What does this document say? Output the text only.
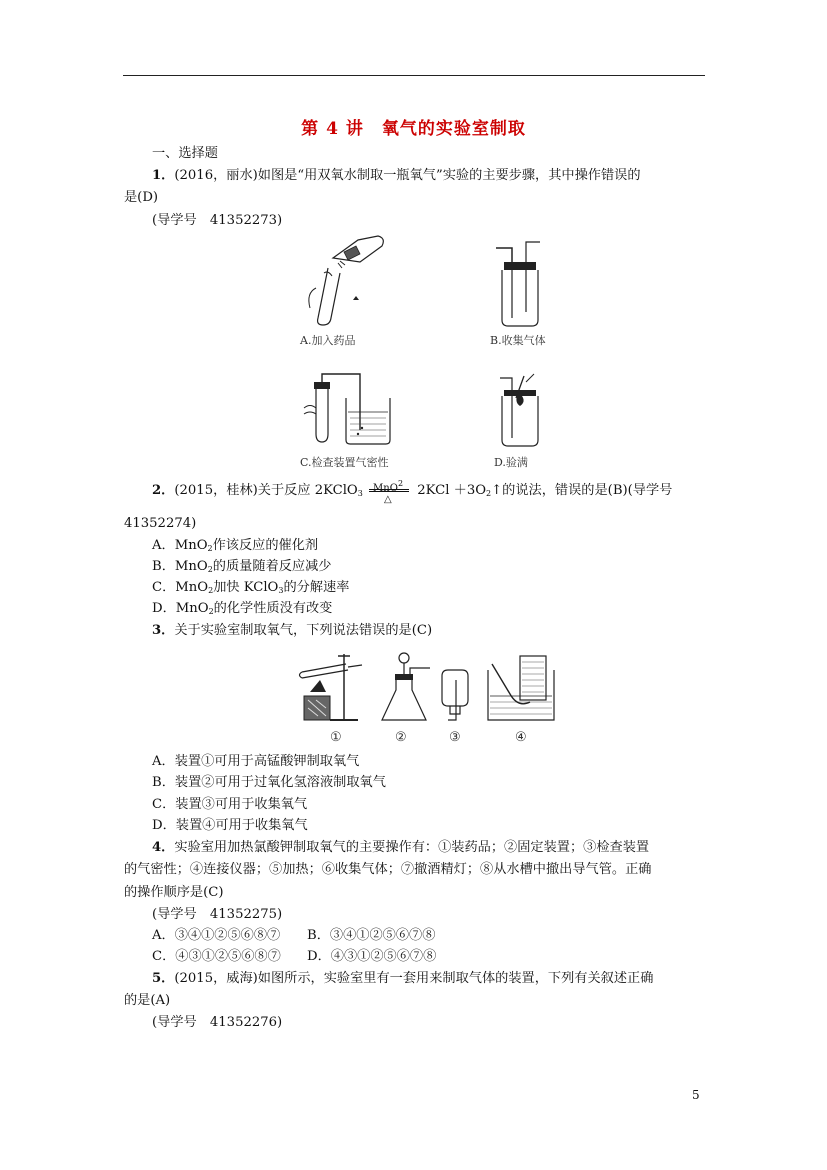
第 4 讲　氧气的实验室制取
一、选择题
1．(2016，丽水)如图是“用双氧水制取一瓶氧气”实验的主要步骤，其中操作错误的
是(D)
(导学号　41352273)
A.加入药品	B.收集气体
C.检查装置气密性	D.验满
2．(2015，桂林)关于反应 2KClO$_3$ MnO$^2$
△
$2KCl +3O_2↑$的说法，错误的是(B)(导学号
41352274)
A．MnO$_2$作该反应的催化剂
B．MnO$_2$的质量随着反应减少
C．MnO$_2$加快 KClO$_3$的分解速率
D．MnO$_2$的化学性质没有改变
3．关于实验室制取氧气，下列说法错误的是(C)
①	②	③	④
A．装置①可用于高锰酸钾制取氧气
B．装置②可用于过氧化氢溶液制取氧气
C．装置③可用于收集氧气
D．装置④可用于收集氧气
4．实验室用加热氯酸钾制取氧气的主要操作有：①装药品；②固定装置；③检查装置
的气密性；④连接仪器；⑤加热；⑥收集气体；⑦撤酒精灯；⑧从水槽中撤出导气管。正确
的操作顺序是(C)
(导学号　41352275)
A．③④①②⑤⑥⑧⑦ B．③④①②⑤⑥⑦⑧
C．④③①②⑤⑥⑧⑦ D．④③①②⑤⑥⑦⑧
5．(2015，威海)如图所示，实验室里有一套用来制取气体的装置，下列有关叙述正确
的是(A)
(导学号　41352276)
5
